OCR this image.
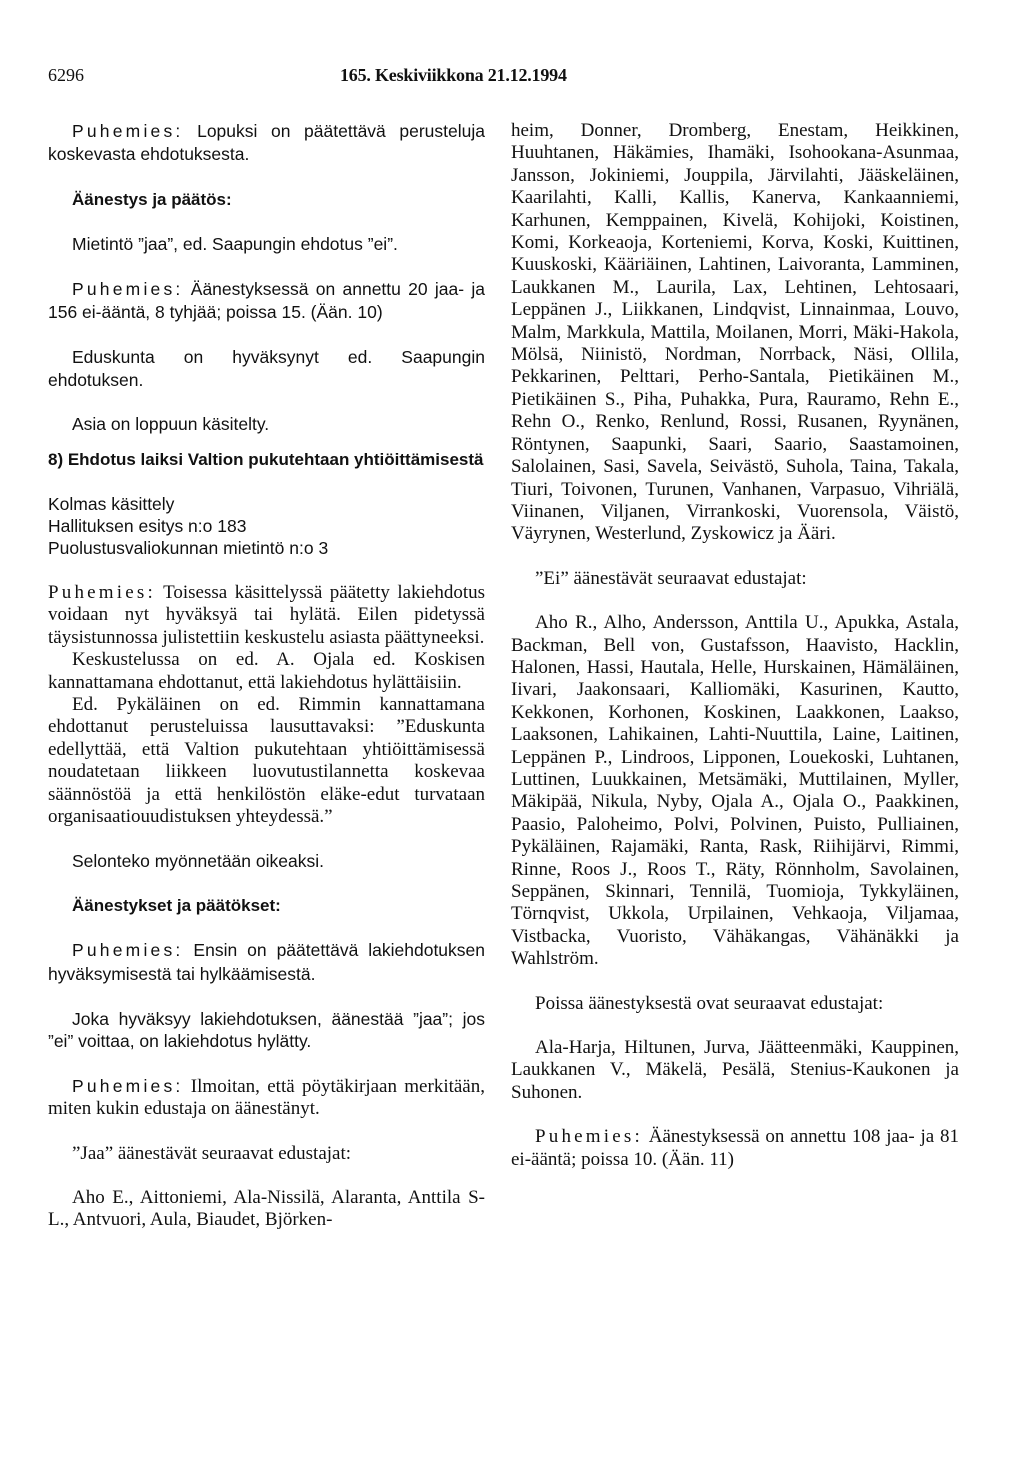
6296	165. Keskiviikkona 21.12.1994

Puhemies: Lopuksi on päätettävä perusteluja koskevasta ehdotuksesta.

Äänestys ja päätös:

Mietintö ”jaa”, ed. Saapungin ehdotus ”ei”.

Puhemies: Äänestyksessä on annettu 20 jaa- ja 156 ei-ääntä, 8 tyhjää; poissa 15. (Ään. 10)

Eduskunta on hyväksynyt ed. Saapungin ehdotuksen.

Asia on loppuun käsitelty.

8) Ehdotus laiksi Valtion pukutehtaan yhtiöittämisestä

Kolmas käsittely

Hallituksen esitys n:o 183

Puolustusvaliokunnan mietintö n:o 3

Puhemies: Toisessa käsittelyssä päätetty lakiehdotus voidaan nyt hyväksyä tai hylätä. Eilen pidetyssä täysistunnossa julistettiin keskustelu asiasta päättyneeksi.

Keskustelussa on ed. A. Ojala ed. Koskisen kannattamana ehdottanut, että lakiehdotus hylättäisiin.

Ed. Pykäläinen on ed. Rimmin kannattamana ehdottanut perusteluissa lausuttavaksi: ”Eduskunta edellyttää, että Valtion pukutehtaan yhtiöittämisessä noudatetaan liikkeen luovutustilannetta koskevaa säännöstöä ja että henkilöstön eläke-edut turvataan organisaatiouudistuksen yhteydessä.”

Selonteko myönnetään oikeaksi.

Äänestykset ja päätökset:

Puhemies: Ensin on päätettävä lakiehdotuksen hyväksymisestä tai hylkäämisestä.

Joka hyväksyy lakiehdotuksen, äänestää ”jaa”; jos ”ei” voittaa, on lakiehdotus hylätty.

Puhemies: Ilmoitan, että pöytäkirjaan merkitään, miten kukin edustaja on äänestänyt.

”Jaa” äänestävät seuraavat edustajat:

Aho E., Aittoniemi, Ala-Nissilä, Alaranta, Anttila S-L., Antvuori, Aula, Biaudet, Björken-

heim, Donner, Dromberg, Enestam, Heikkinen, Huuhtanen, Häkämies, Ihamäki, Isohookana-Asunmaa, Jansson, Jokiniemi, Jouppila, Järvilahti, Jääskeläinen, Kaarilahti, Kalli, Kallis, Kanerva, Kankaanniemi, Karhunen, Kemppainen, Kivelä, Kohijoki, Koistinen, Komi, Korkeaoja, Korteniemi, Korva, Koski, Kuittinen, Kuuskoski, Kääriäinen, Lahtinen, Laivoranta, Lamminen, Laukkanen M., Laurila, Lax, Lehtinen, Lehtosaari, Leppänen J., Liikkanen, Lindqvist, Linnainmaa, Louvo, Malm, Markkula, Mattila, Moilanen, Morri, Mäki-Hakola, Mölsä, Niinistö, Nordman, Norrback, Näsi, Ollila, Pekkarinen, Pelttari, Perho-Santala, Pietikäinen M., Pietikäinen S., Piha, Puhakka, Pura, Rauramo, Rehn E., Rehn O., Renko, Renlund, Rossi, Rusanen, Ryynänen, Röntynen, Saapunki, Saari, Saario, Saastamoinen, Salolainen, Sasi, Savela, Seivästö, Suhola, Taina, Takala, Tiuri, Toivonen, Turunen, Vanhanen, Varpasuo, Vihriälä, Viinanen, Viljanen, Virrankoski, Vuorensola, Väistö, Väyrynen, Westerlund, Zyskowicz ja Ääri.

”Ei” äänestävät seuraavat edustajat:

Aho R., Alho, Andersson, Anttila U., Apukka, Astala, Backman, Bell von, Gustafsson, Haavisto, Hacklin, Halonen, Hassi, Hautala, Helle, Hurskainen, Hämäläinen, Iivari, Jaakonsaari, Kalliomäki, Kasurinen, Kautto, Kekkonen, Korhonen, Koskinen, Laakkonen, Laakso, Laaksonen, Lahikainen, Lahti-Nuuttila, Laine, Laitinen, Leppänen P., Lindroos, Lipponen, Louekoski, Luhtanen, Luttinen, Luukkainen, Metsämäki, Muttilainen, Myller, Mäkipää, Nikula, Nyby, Ojala A., Ojala O., Paakkinen, Paasio, Paloheimo, Polvi, Polvinen, Puisto, Pulliainen, Pykäläinen, Rajamäki, Ranta, Rask, Riihijärvi, Rimmi, Rinne, Roos J., Roos T., Räty, Rönnholm, Savolainen, Seppänen, Skinnari, Tennilä, Tuomioja, Tykkyläinen, Törnqvist, Ukkola, Urpilainen, Vehkaoja, Viljamaa, Vistbacka, Vuoristo, Vähäkangas, Vähänäkki ja Wahlström.

Poissa äänestyksestä ovat seuraavat edustajat:

Ala-Harja, Hiltunen, Jurva, Jäätteenmäki, Kauppinen, Laukkanen V., Mäkelä, Pesälä, Stenius-Kaukonen ja Suhonen.

Puhemies: Äänestyksessä on annettu 108 jaa- ja 81 ei-ääntä; poissa 10. (Ään. 11)
